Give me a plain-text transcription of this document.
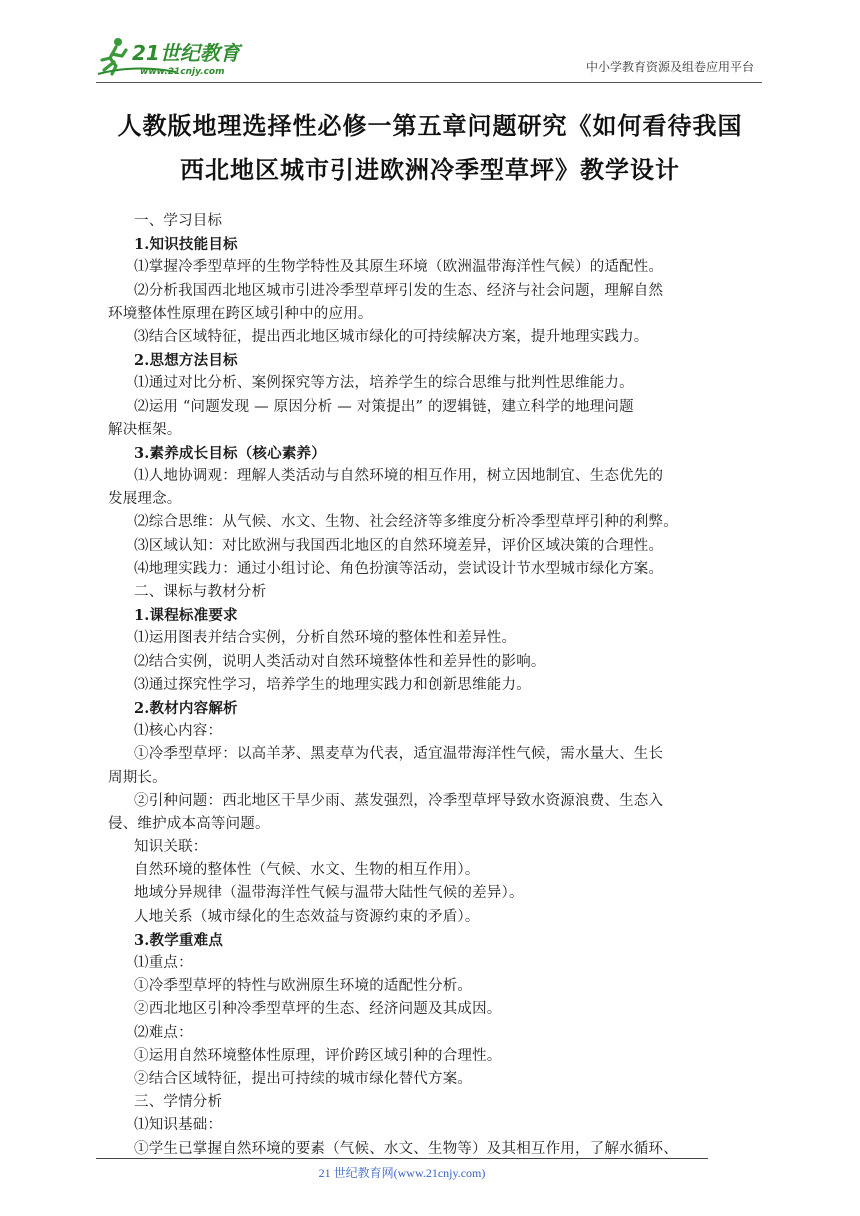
21世纪教育
www.21cnjy.com	中小学教育资源及组卷应用平台
人教版地理选择性必修一第五章问题研究《如何看待我国
西北地区城市引进欧洲冷季型草坪》教学设计
一、学习目标
1.知识技能目标
⑴掌握冷季型草坪的生物学特性及其原生环境（欧洲温带海洋性气候）的适配性。
⑵分析我国西北地区城市引进冷季型草坪引发的生态、经济与社会问题，理解自然
环境整体性原理在跨区域引种中的应用。
⑶结合区域特征，提出西北地区城市绿化的可持续解决方案，提升地理实践力。
2.思想方法目标
⑴通过对比分析、案例探究等方法，培养学生的综合思维与批判性思维能力。
⑵运用 “问题发现 — 原因分析 — 对策提出” 的逻辑链，建立科学的地理问题
解决框架。
3.素养成长目标（核心素养）
⑴人地协调观：理解人类活动与自然环境的相互作用，树立因地制宜、生态优先的
发展理念。
⑵综合思维：从气候、水文、生物、社会经济等多维度分析冷季型草坪引种的利弊。
⑶区域认知：对比欧洲与我国西北地区的自然环境差异，评价区域决策的合理性。
⑷地理实践力：通过小组讨论、角色扮演等活动，尝试设计节水型城市绿化方案。
二、课标与教材分析
1.课程标准要求
⑴运用图表并结合实例，分析自然环境的整体性和差异性。
⑵结合实例，说明人类活动对自然环境整体性和差异性的影响。
⑶通过探究性学习，培养学生的地理实践力和创新思维能力。
2.教材内容解析
⑴核心内容：
①冷季型草坪：以高羊茅、黑麦草为代表，适宜温带海洋性气候，需水量大、生长
周期长。
②引种问题：西北地区干旱少雨、蒸发强烈，冷季型草坪导致水资源浪费、生态入
侵、维护成本高等问题。
知识关联：
自然环境的整体性（气候、水文、生物的相互作用）。
地域分异规律（温带海洋性气候与温带大陆性气候的差异）。
人地关系（城市绿化的生态效益与资源约束的矛盾）。
3.教学重难点
⑴重点：
①冷季型草坪的特性与欧洲原生环境的适配性分析。
②西北地区引种冷季型草坪的生态、经济问题及其成因。
⑵难点：
①运用自然环境整体性原理，评价跨区域引种的合理性。
②结合区域特征，提出可持续的城市绿化替代方案。
三、学情分析
⑴知识基础：
①学生已掌握自然环境的要素（气候、水文、生物等）及其相互作用，了解水循环、
21 世纪教育网(www.21cnjy.com)
